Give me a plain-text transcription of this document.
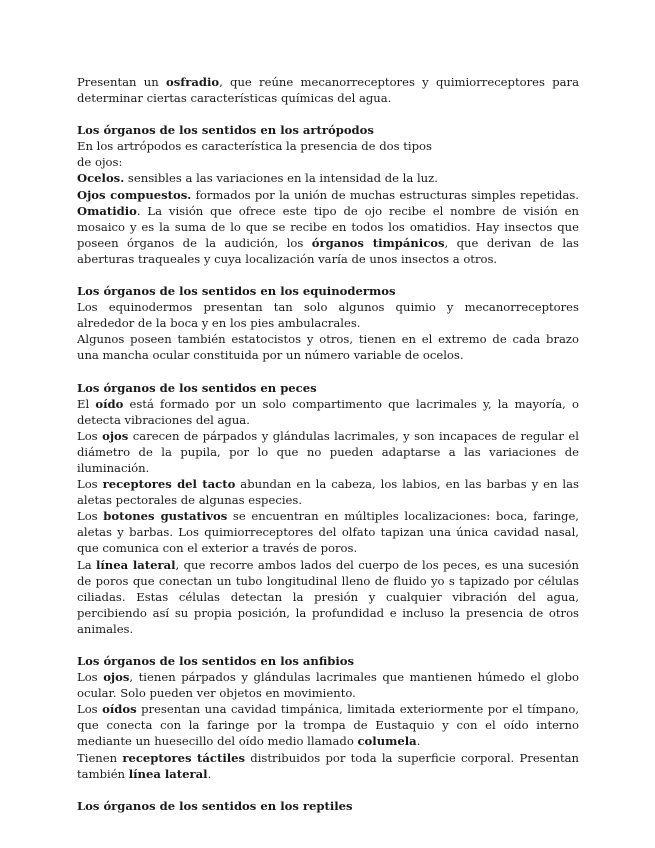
Presentan un osfradio, que reúne mecanorreceptores y quimiorreceptores para determinar ciertas características químicas del agua.

Los órganos de los sentidos en los artrópodos

En los artrópodos es característica la presencia de dos tipos

de ojos:

Ocelos. sensibles a las variaciones en la intensidad de la luz.

Ojos compuestos. formados por la unión de muchas estructuras simples repetidas. Omatidio. La visión que ofrece este tipo de ojo recibe el nombre de visión en mosaico y es la suma de lo que se recibe en todos los omatidios. Hay insectos que poseen órganos de la audición, los órganos timpánicos, que derivan de las aberturas traqueales y cuya localización varía de unos insectos a otros.

Los órganos de los sentidos en los equinodermos

Los equinodermos presentan tan solo algunos quimio y mecanorreceptores alrededor de la boca y en los pies ambulacrales.

Algunos poseen también estatocistos y otros, tienen en el extremo de cada brazo una mancha ocular constituida por un número variable de ocelos.

Los órganos de los sentidos en peces

El oído está formado por un solo compartimento que lacrimales y, la mayoría, o detecta vibraciones del agua.

Los ojos carecen de párpados y glándulas lacrimales, y son incapaces de regular el diámetro de la pupila, por lo que no pueden adaptarse a las variaciones de iluminación.

Los receptores del tacto abundan en la cabeza, los labios, en las barbas y en las aletas pectorales de algunas especies.

Los botones gustativos se encuentran en múltiples localizaciones: boca, faringe, aletas y barbas. Los quimiorreceptores del olfato tapizan una única cavidad nasal, que comunica con el exterior a través de poros.

La línea lateral, que recorre ambos lados del cuerpo de los peces, es una sucesión de poros que conectan un tubo longitudinal lleno de fluido yo s tapizado por células ciliadas. Estas células detectan la presión y cualquier vibración del agua, percibiendo así su propia posición, la profundidad e incluso la presencia de otros animales.

Los órganos de los sentidos en los anfibios

Los ojos, tienen párpados y glándulas lacrimales que mantienen húmedo el globo ocular. Solo pueden ver objetos en movimiento.

Los oídos presentan una cavidad timpánica, limitada exteriormente por el tímpano, que conecta con la faringe por la trompa de Eustaquio y con el oído interno mediante un huesecillo del oído medio llamado columela.

Tienen receptores táctiles distribuidos por toda la superficie corporal. Presentan también línea lateral.

Los órganos de los sentidos en los reptiles
